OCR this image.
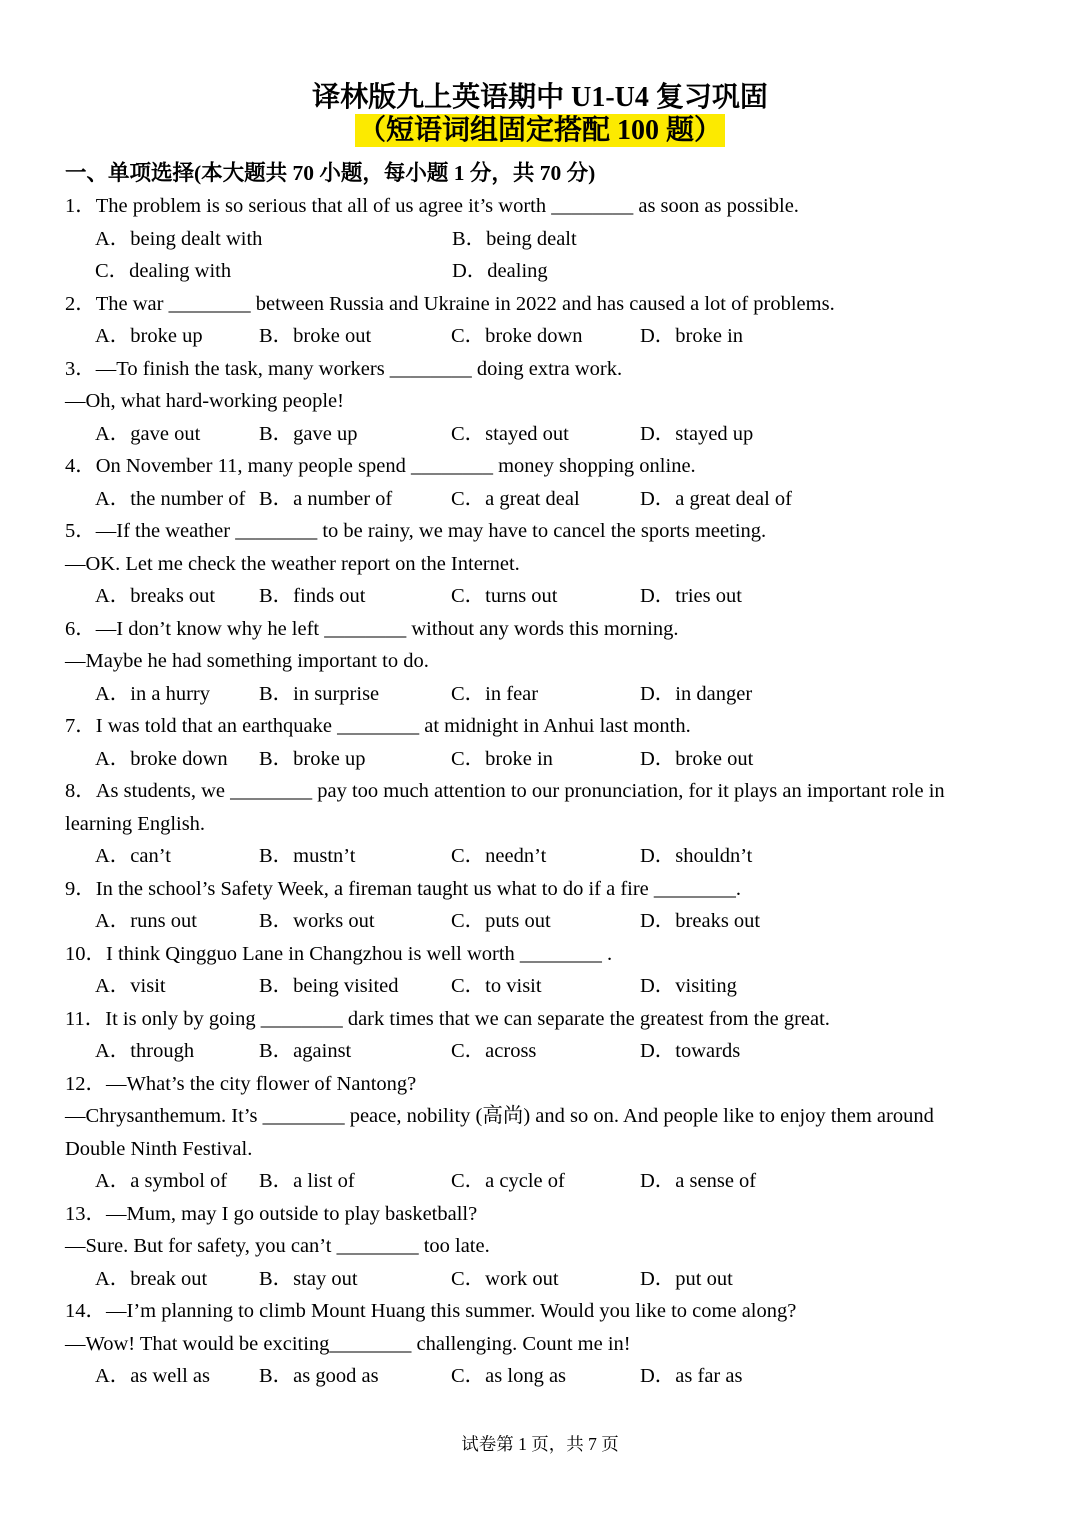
译林版九上英语期中 U1-U4 复习巩固
（短语词组固定搭配 100 题）
一、单项选择(本大题共 70 小题，每小题 1 分，共 70 分)
1．The problem is so serious that all of us agree it’s worth ________ as soon as possible.
A．being dealt with	B．being dealt
C．dealing with	D．dealing
2．The war ________ between Russia and Ukraine in 2022 and has caused a lot of problems.
A．broke up	B．broke out	C．broke down	D．broke in
3．—To finish the task, many workers ________ doing extra work.
—Oh, what hard-working people!
A．gave out	B．gave up	C．stayed out	D．stayed up
4．On November 11, many people spend ________ money shopping online.
A．the number of B．a number of	C．a great deal	D．a great deal of
5．—If the weather ________ to be rainy, we may have to cancel the sports meeting.
—OK. Let me check the weather report on the Internet.
A．breaks out B．finds out	C．turns out	D．tries out
6．—I don’t know why he left ________ without any words this morning.
—Maybe he had something important to do.
A．in a hurry B．in surprise	C．in fear	D．in danger
7．I was told that an earthquake ________ at midnight in Anhui last month.
A．broke down B．broke up	C．broke in	D．broke out
8．As students, we ________ pay too much attention to our pronunciation, for it plays an important role in
learning English.
A．can’t	B．mustn’t	C．needn’t	D．shouldn’t
9．In the school’s Safety Week, a fireman taught us what to do if a fire ________.
A．runs out	B．works out	C．puts out	D．breaks out
10．I think Qingguo Lane in Changzhou is well worth ________ .
A．visit	B．being visited	C．to visit	D．visiting
11．It is only by going ________ dark times that we can separate the greatest from the great.
A．through	B．against	C．across	D．towards
12．—What’s the city flower of Nantong?
—Chrysanthemum. It’s ________ peace, nobility (高尚) and so on. And people like to enjoy them around
Double Ninth Festival.
A．a symbol of B．a list of	C．a cycle of	D．a sense of
13．—Mum, may I go outside to play basketball?
—Sure. But for safety, you can’t ________ too late.
A．break out	B．stay out	C．work out	D．put out
14．—I’m planning to climb Mount Huang this summer. Would you like to come along?
—Wow! That would be exciting________ challenging. Count me in!
A．as well as B．as good as	C．as long as	D．as far as
试卷第 1 页，共 7 页
